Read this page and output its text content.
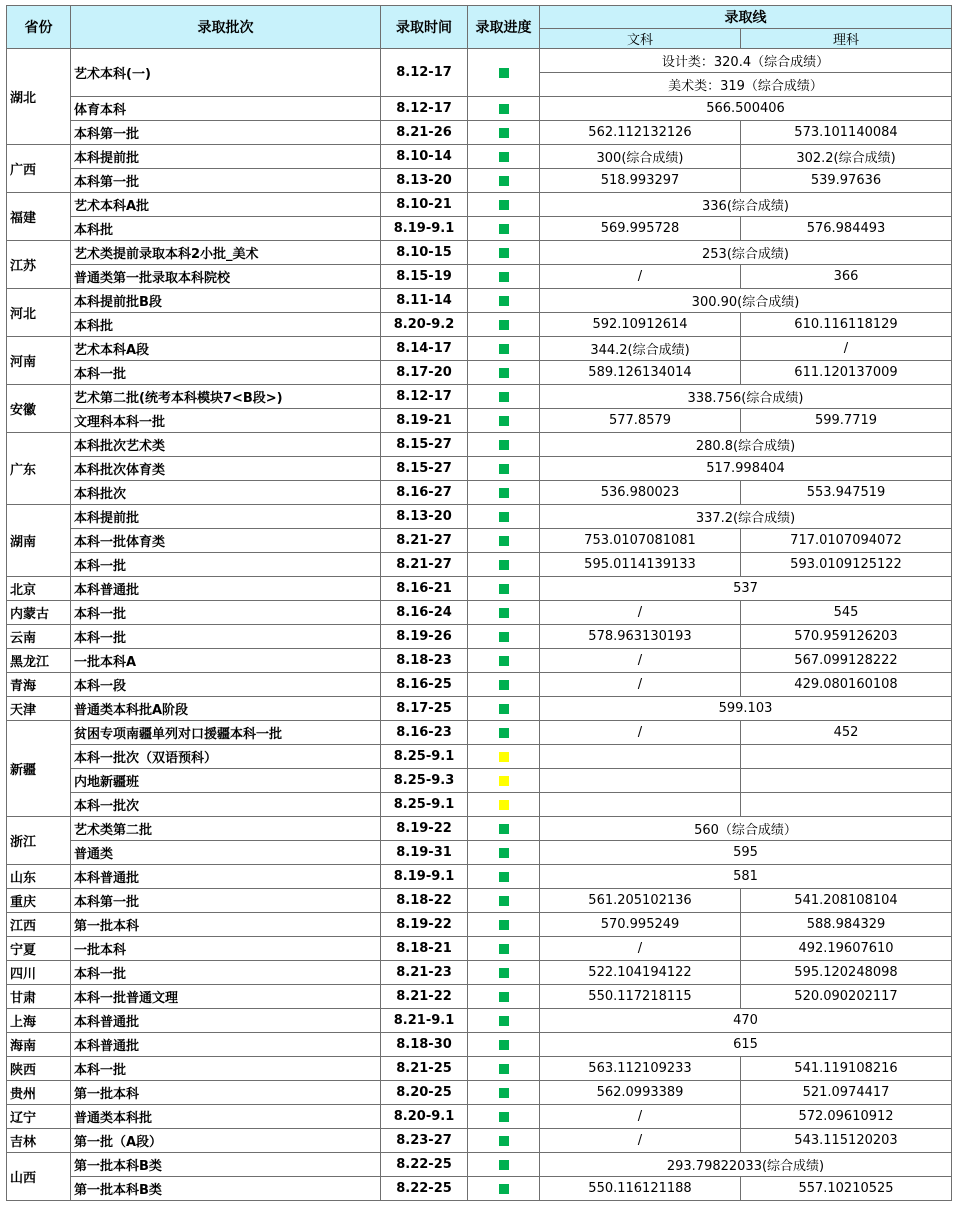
省份	录取批次	录取时间	录取进度	录取线	
				文科	理科
湖北	艺术本科(一)	8.12-17		设计类：320.4（综合成绩）	
				美术类：319（综合成绩）	
	体育本科	8.12-17		566.500406	
	本科第一批	8.21-26		562.112132126	573.101140084
广西	本科提前批	8.10-14		300(综合成绩)	302.2(综合成绩)
	本科第一批	8.13-20		518.993297	539.97636
福建	艺术本科A批	8.10-21		336(综合成绩)	
	本科批	8.19-9.1		569.995728	576.984493
江苏	艺术类提前录取本科2小批_美术	8.10-15		253(综合成绩)	
	普通类第一批录取本科院校	8.15-19		/	366
河北	本科提前批B段	8.11-14		300.90(综合成绩)	
	本科批	8.20-9.2		592.10912614	610.116118129
河南	艺术本科A段	8.14-17		344.2(综合成绩)	/
	本科一批	8.17-20		589.126134014	611.120137009
安徽	艺术第二批(统考本科模块7<B段>)	8.12-17		338.756(综合成绩)	
	文理科本科一批	8.19-21		577.8579	599.7719
广东	本科批次艺术类	8.15-27		280.8(综合成绩)	
	本科批次体育类	8.15-27		517.998404	
	本科批次	8.16-27		536.980023	553.947519
湖南	本科提前批	8.13-20		337.2(综合成绩)	
	本科一批体育类	8.21-27		753.0107081081	717.0107094072
	本科一批	8.21-27		595.0114139133	593.0109125122
北京	本科普通批	8.16-21		537	
内蒙古	本科一批	8.16-24		/	545
云南	本科一批	8.19-26		578.963130193	570.959126203
黑龙江	一批本科A	8.18-23		/	567.099128222
青海	本科一段	8.16-25		/	429.080160108
天津	普通类本科批A阶段	8.17-25		599.103	
新疆	贫困专项南疆单列对口援疆本科一批	8.16-23		/	452
	本科一批次（双语预科）	8.25-9.1			
	内地新疆班	8.25-9.3			
	本科一批次	8.25-9.1			
浙江	艺术类第二批	8.19-22		560（综合成绩）	
	普通类	8.19-31		595	
山东	本科普通批	8.19-9.1		581	
重庆	本科第一批	8.18-22		561.205102136	541.208108104
江西	第一批本科	8.19-22		570.995249	588.984329
宁夏	一批本科	8.18-21		/	492.19607610
四川	本科一批	8.21-23		522.104194122	595.120248098
甘肃	本科一批普通文理	8.21-22		550.117218115	520.090202117
上海	本科普通批	8.21-9.1		470	
海南	本科普通批	8.18-30		615	
陕西	本科一批	8.21-25		563.112109233	541.119108216
贵州	第一批本科	8.20-25		562.0993389	521.0974417
辽宁	普通类本科批	8.20-9.1		/	572.09610912
吉林	第一批（A段）	8.23-27		/	543.115120203
山西	第一批本科B类	8.22-25		293.79822033(综合成绩)	
	第一批本科B类	8.22-25		550.116121188	557.10210525
